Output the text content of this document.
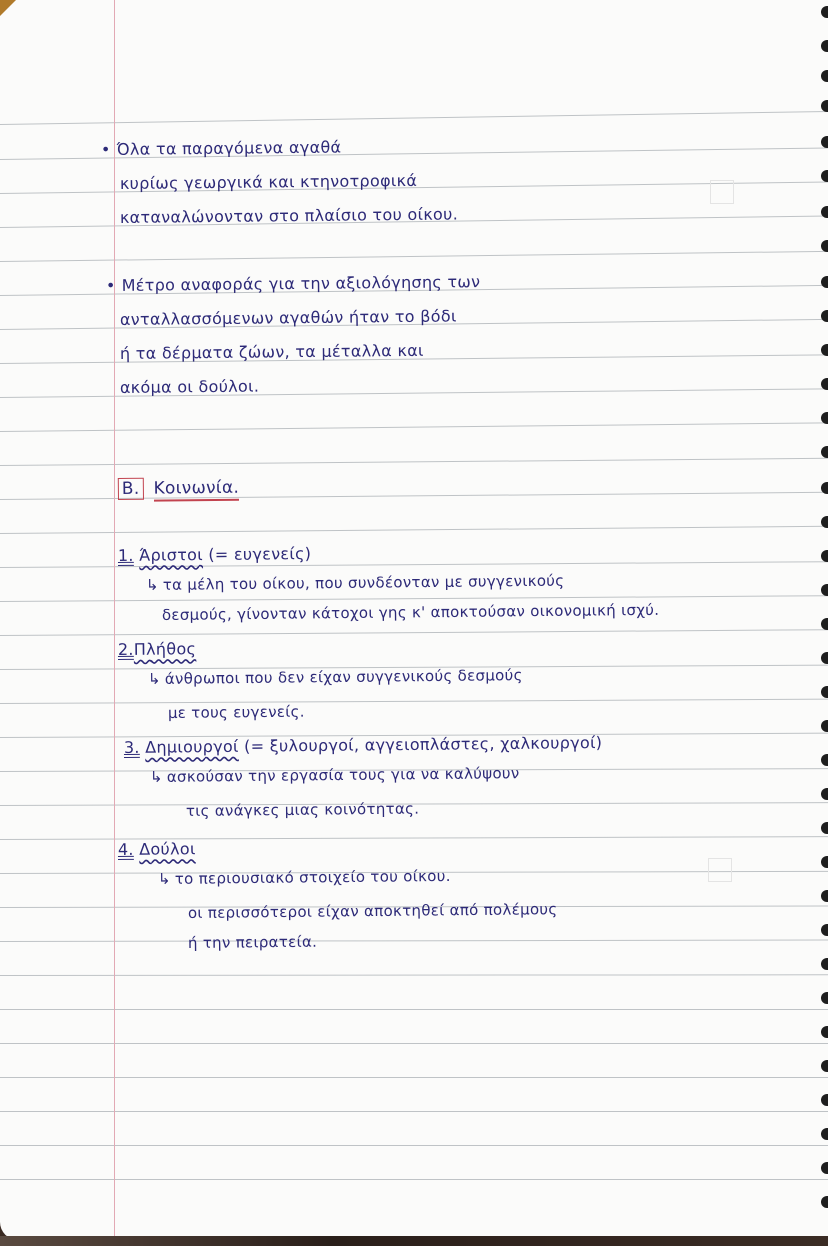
• Όλα τα παραγόμενα αγαθά
κυρίως γεωργικά και κτηνοτροφικά
καταναλώνονταν στο πλαίσιο του οίκου.
• Μέτρο αναφοράς για την αξιολόγησης των
ανταλλασσόμενων αγαθών ήταν το βόδι
ή τα δέρματα ζώων, τα μέταλλα και
ακόμα οι δούλοι.
B. Κοινωνία.
1. Άριστοι (= ευγενείς)
↳ τα μέλη του οίκου, που συνδέονταν με συγγενικούς
δεσμούς, γίνονταν κάτοχοι γης κ' αποκτούσαν οικονομική ισχύ.
2.Πλήθος
↳ άνθρωποι που δεν είχαν συγγενικούς δεσμούς
με τους ευγενείς.
3. Δημιουργοί (= ξυλουργοί, αγγειοπλάστες, χαλκουργοί)
↳ ασκούσαν την εργασία τους για να καλύψουν
τις ανάγκες μιας κοινότητας.
4. Δούλοι
↳ το περιουσιακό στοιχείο του οίκου.
οι περισσότεροι είχαν αποκτηθεί από πολέμους
ή την πειρατεία.
